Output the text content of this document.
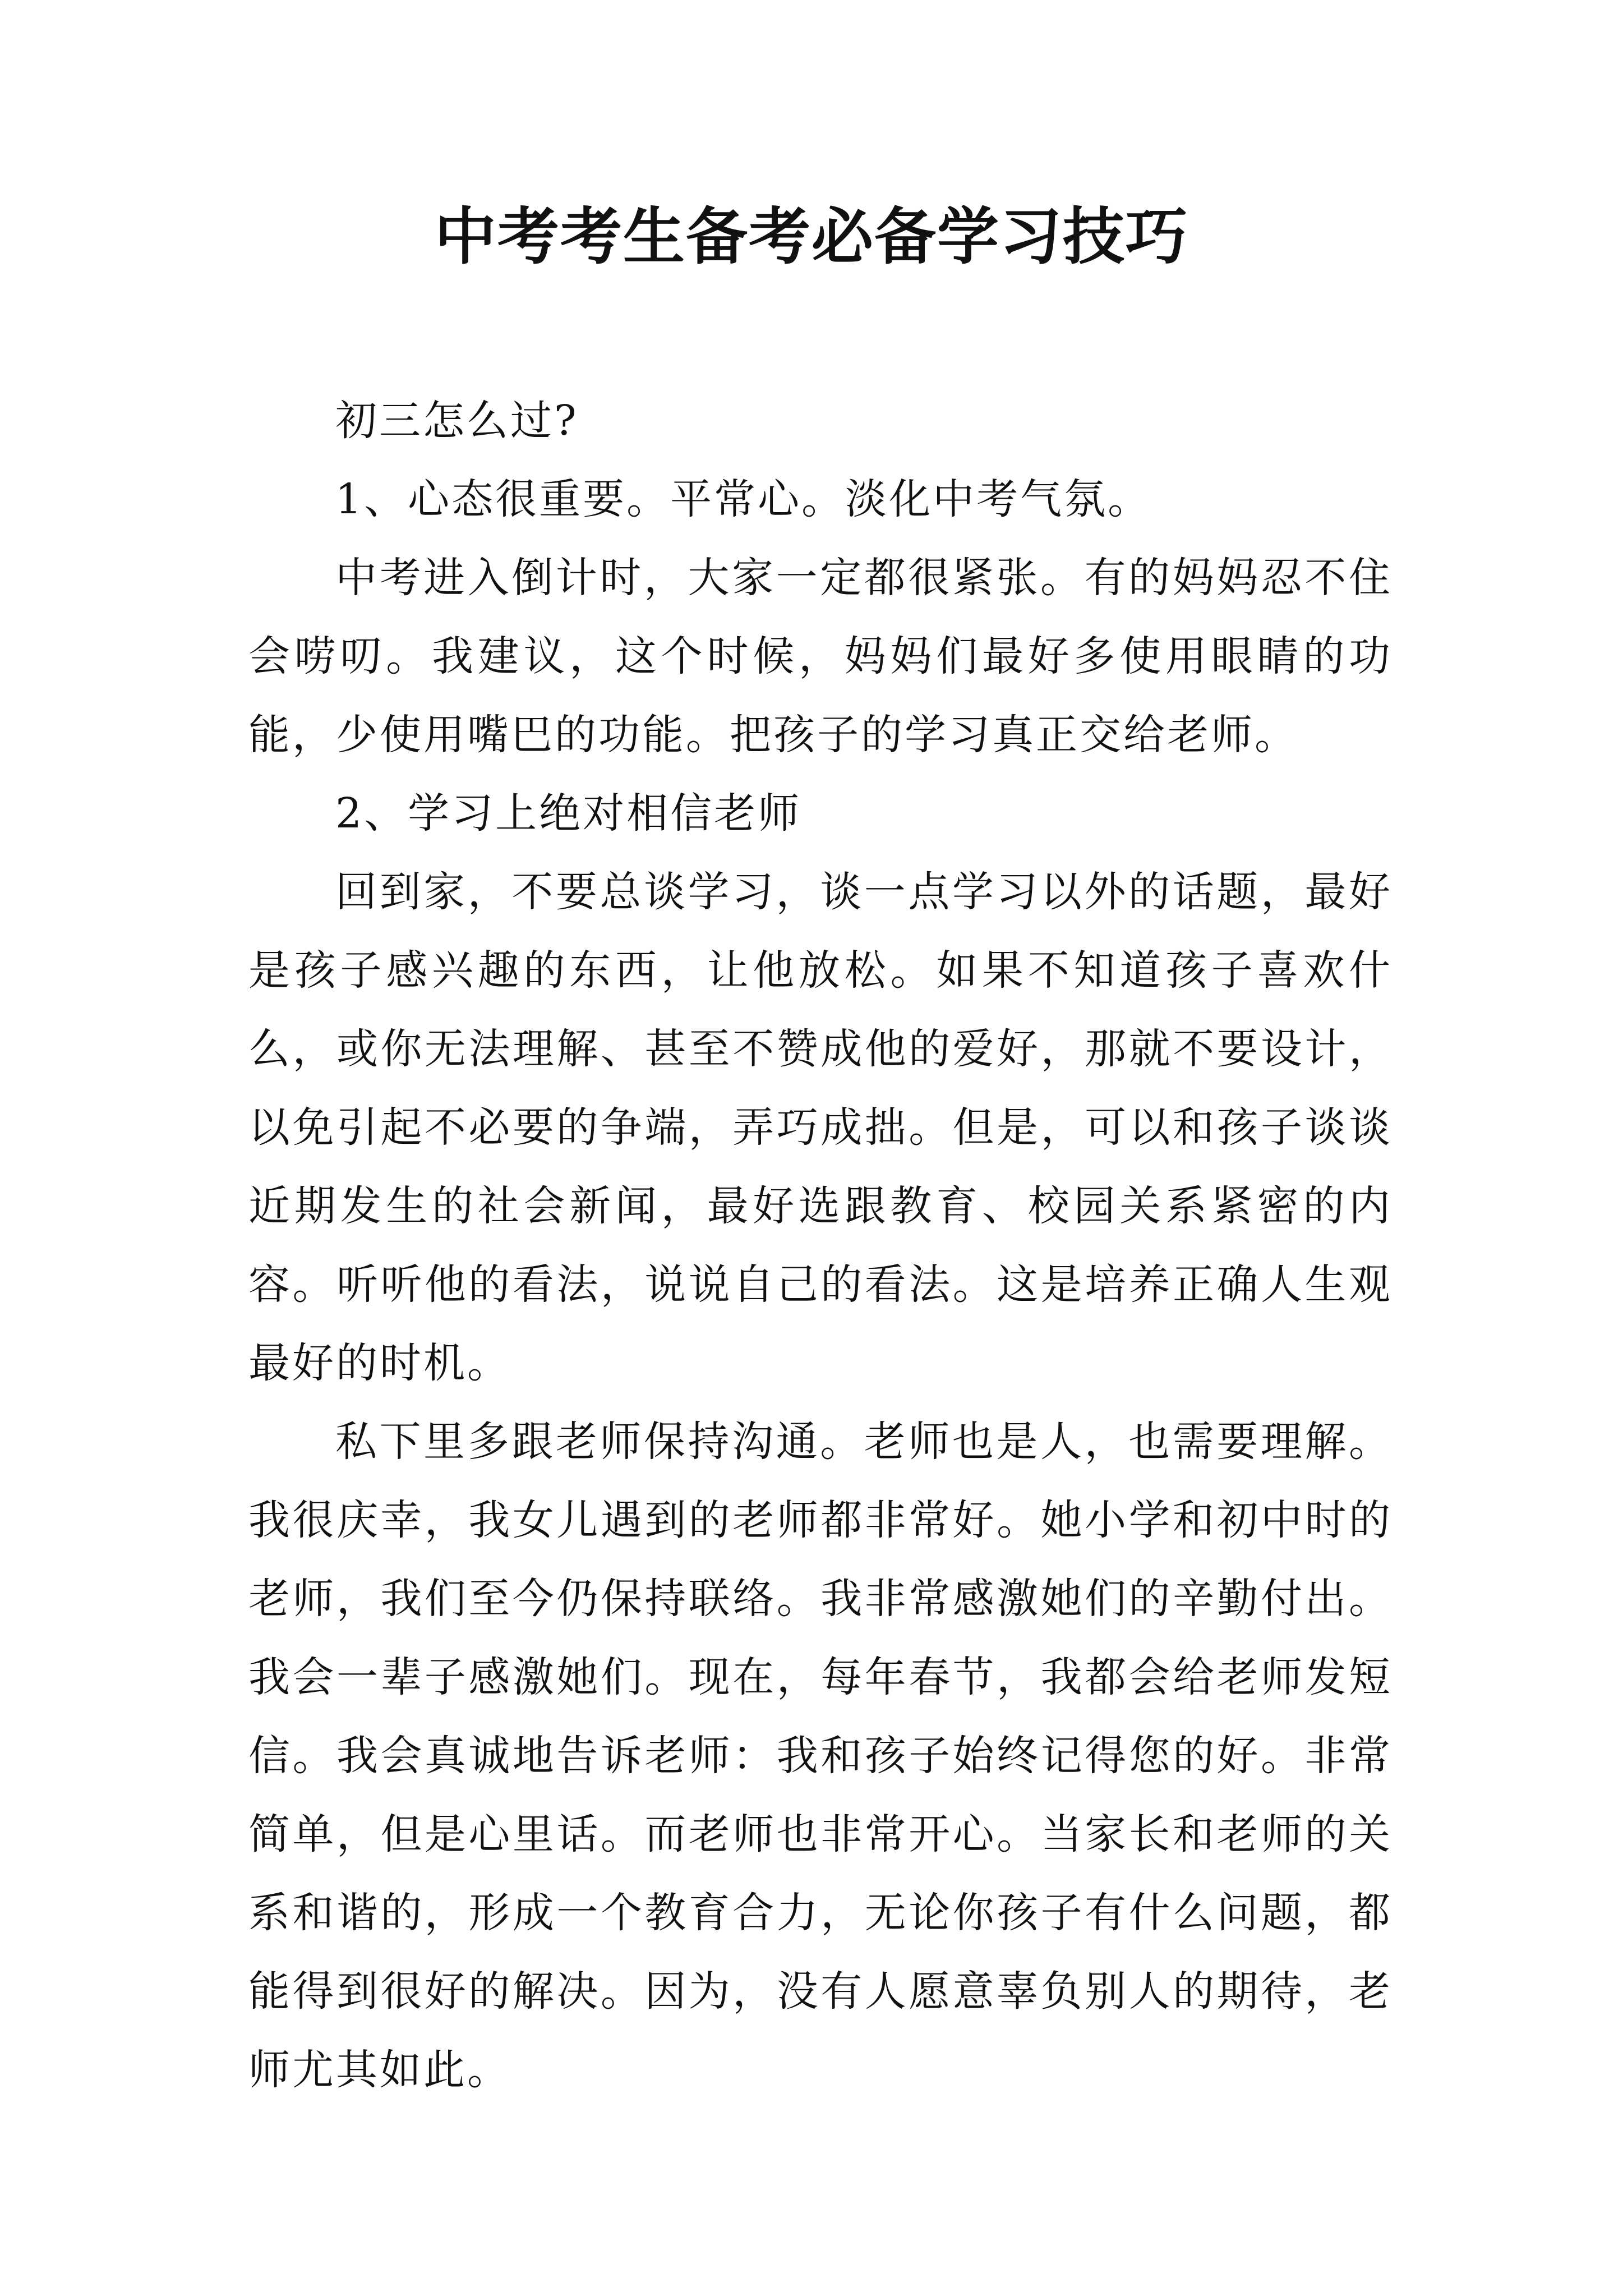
中考考生备考必备学习技巧

初三怎么过?

1、心态很重要。平常心。淡化中考气氛。

中考进入倒计时，大家一定都很紧张。有的妈妈忍不住会唠叨。我建议，这个时候，妈妈们最好多使用眼睛的功能，少使用嘴巴的功能。把孩子的学习真正交给老师。

2、学习上绝对相信老师

回到家，不要总谈学习，谈一点学习以外的话题，最好是孩子感兴趣的东西，让他放松。如果不知道孩子喜欢什么，或你无法理解、甚至不赞成他的爱好，那就不要设计，以免引起不必要的争端，弄巧成拙。但是，可以和孩子谈谈近期发生的社会新闻，最好选跟教育、校园关系紧密的内容。听听他的看法，说说自己的看法。这是培养正确人生观最好的时机。

私下里多跟老师保持沟通。老师也是人，也需要理解。我很庆幸，我女儿遇到的老师都非常好。她小学和初中时的老师，我们至今仍保持联络。我非常感激她们的辛勤付出。我会一辈子感激她们。现在，每年春节，我都会给老师发短信。我会真诚地告诉老师：我和孩子始终记得您的好。非常简单，但是心里话。而老师也非常开心。当家长和老师的关系和谐的，形成一个教育合力，无论你孩子有什么问题，都能得到很好的解决。因为，没有人愿意辜负别人的期待，老师尤其如此。
